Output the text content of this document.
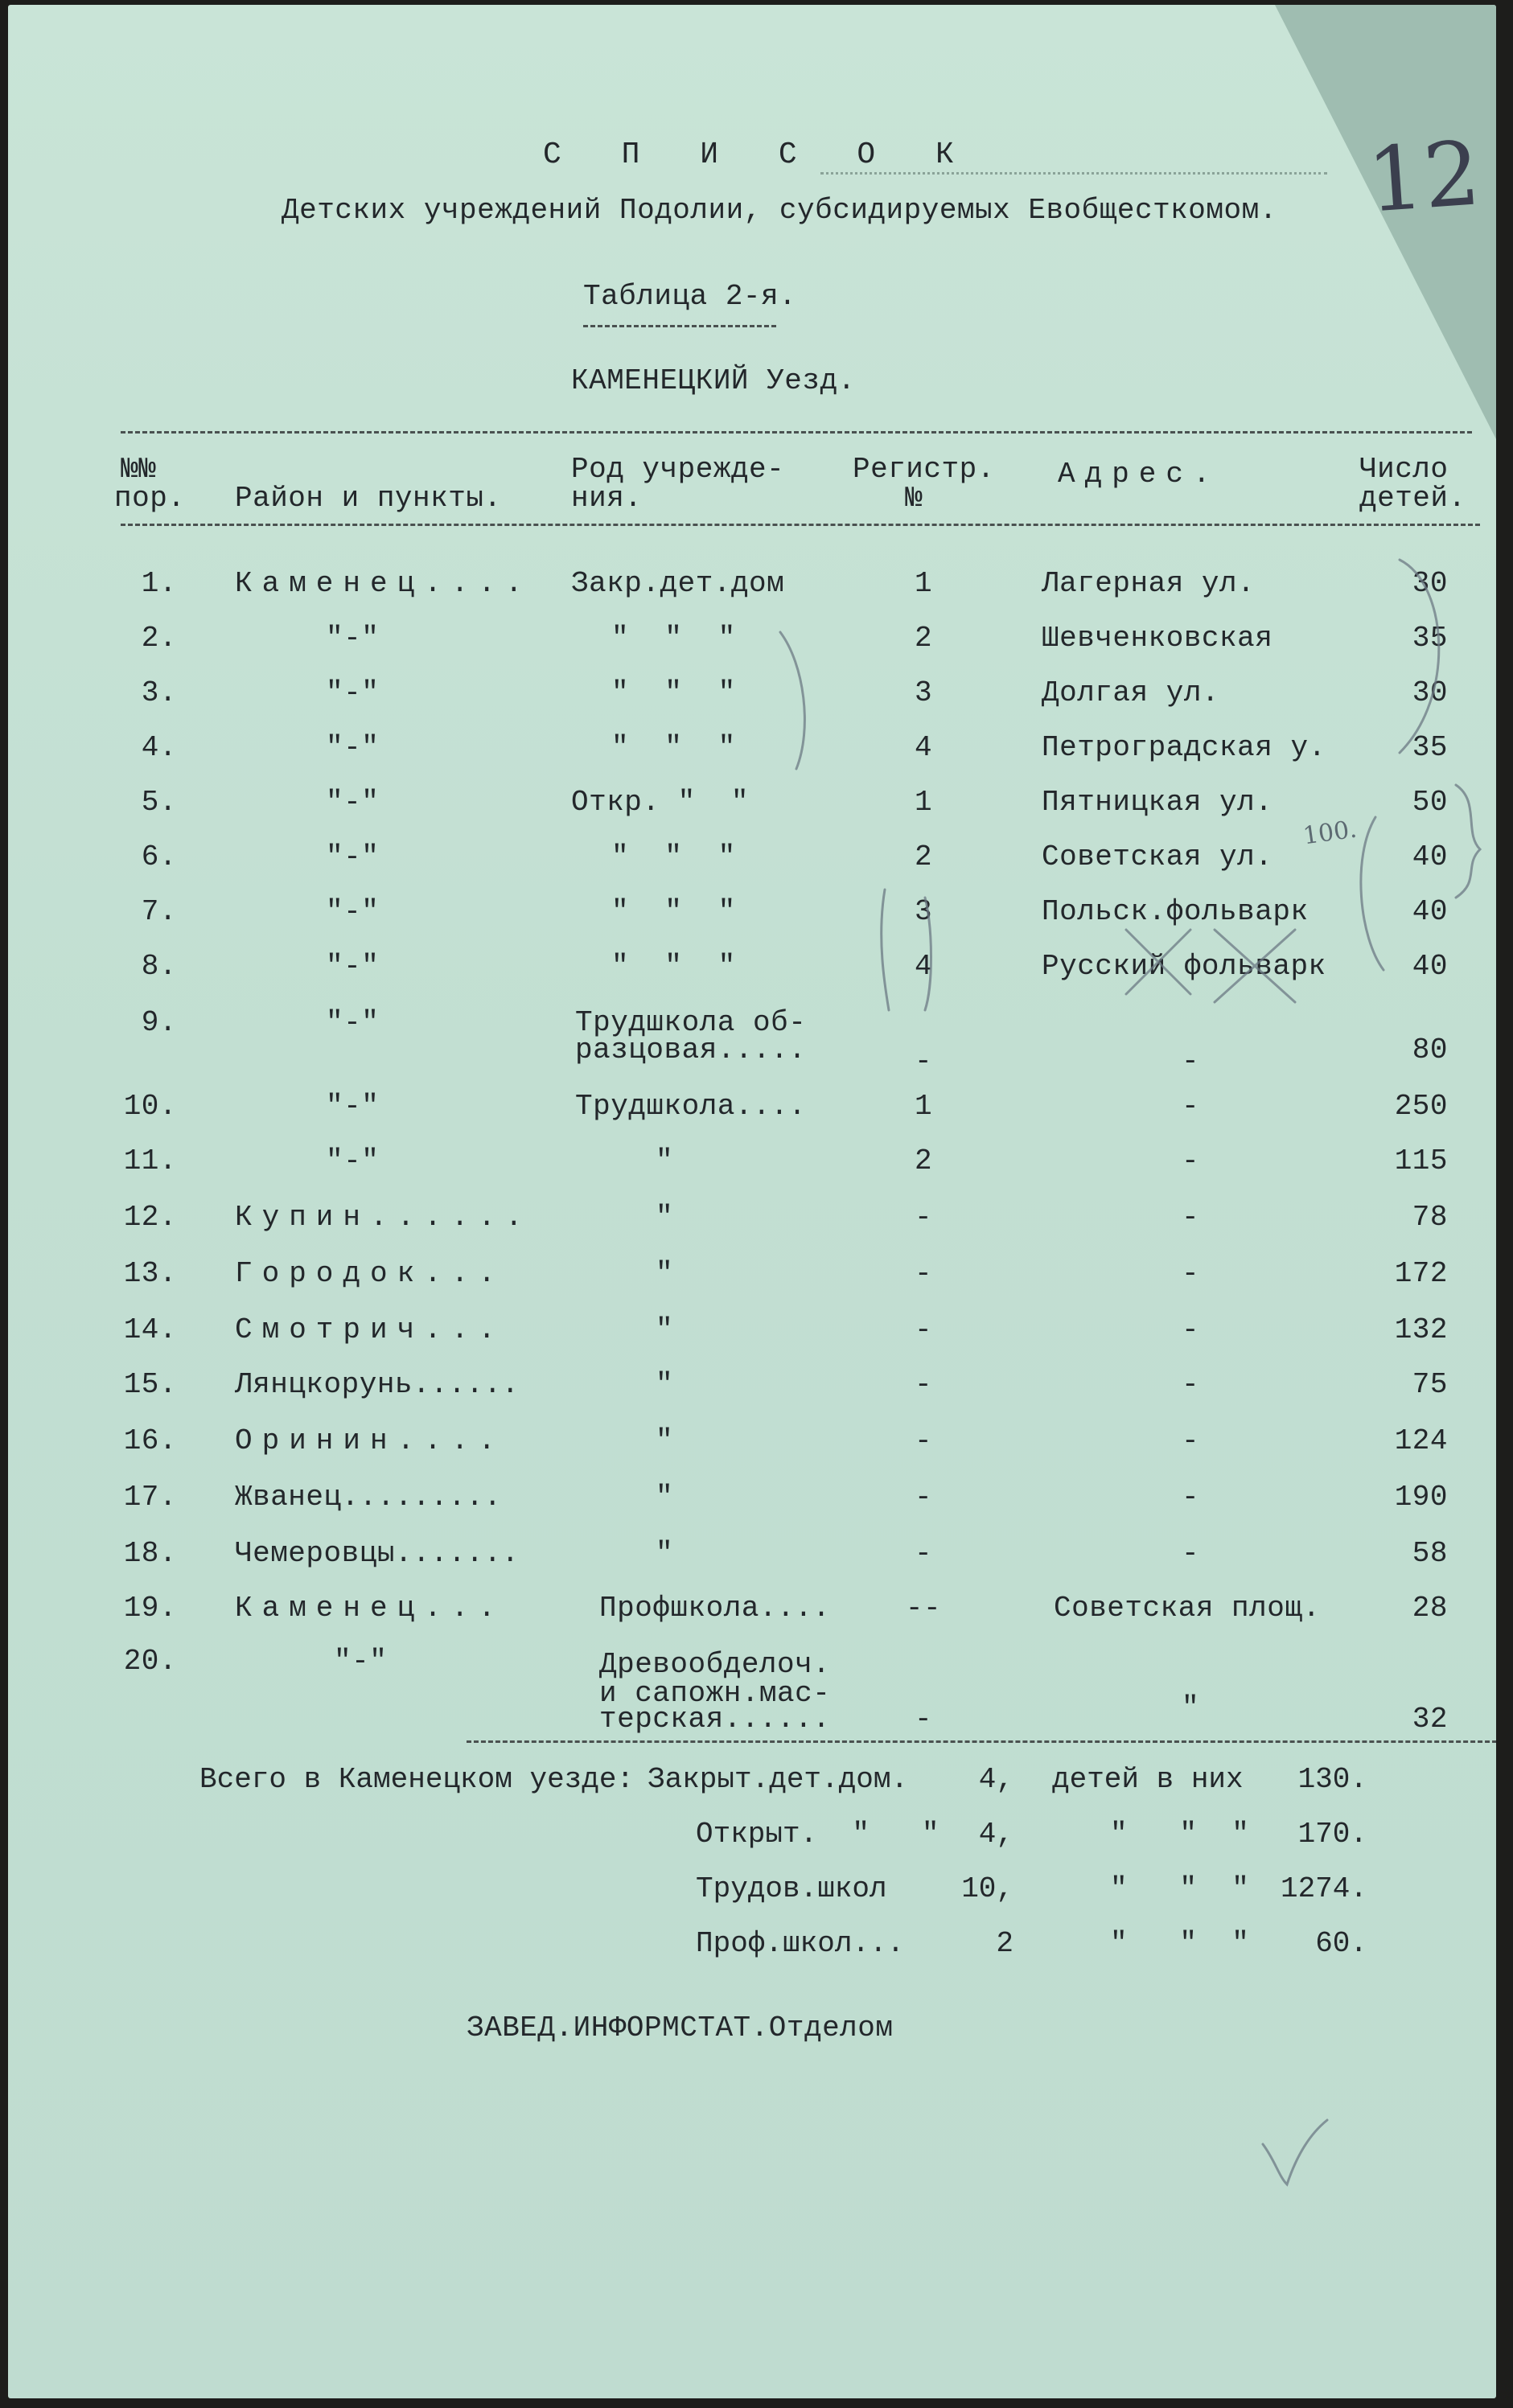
С П И С О К
Детских учреждений Подолии, субсидируемых Евобщесткомом.
Таблица 2-я.
КАМЕНЕЦКИЙ Уезд.
12
№№
пор. Район и пункты.
Род учрежде-
ния.
Регистр.
№
Адрес.	Число
детей.
1. Каменец.... Закр.дет.дом	1	Лагерная ул.	30
2.	"-"	"  "  "	2	Шевченковская	35
3.	"-"	"  "  "	3	Долгая ул.	30
4.	"-"	"  "  "	4	Петроградская у.	35
5.	"-"	Откр. "  "	1	Пятницкая ул.	50
6.	"-"	"  "  "	2	Советская ул.	40
7.	"-"	"  "  "	3	Польск.фольварк	40
8.	"-"	"  "  "	4	Русский фольварк	40
9.	"-"	Трудшкола об-
разцовая.....	-	-	80
10.	"-"	Трудшкола....	1	-	250
11.	"-"	"	2	-	115
12. Купин......	"	-	-	78
13. Городок...	"	-	-	172
14. Смотрич...	"	-	-	132
15. Лянцкорунь......	"	-	-	75
16. Оринин....	"	-	-	124
17. Жванец.........	"	-	-	190
18. Чемеровцы.......	"	-	-	58
19. Каменец...	Профшкола....	--	Советская площ.	28
20.	"-"	Древообделоч.
и сапожн.мас-
терская......	-	"	32
Всего в Каменецком уезде: Закрыт.дет.дом.	4, детей в них	130.
Открыт.  "   "	4,	"   "  "	170.
Трудов.школ	10,	"   "  "	1274.
Проф.школ...	2	"   "  "	60.
ЗАВЕД.ИНФОРМСТАТ.Отделом
100.
